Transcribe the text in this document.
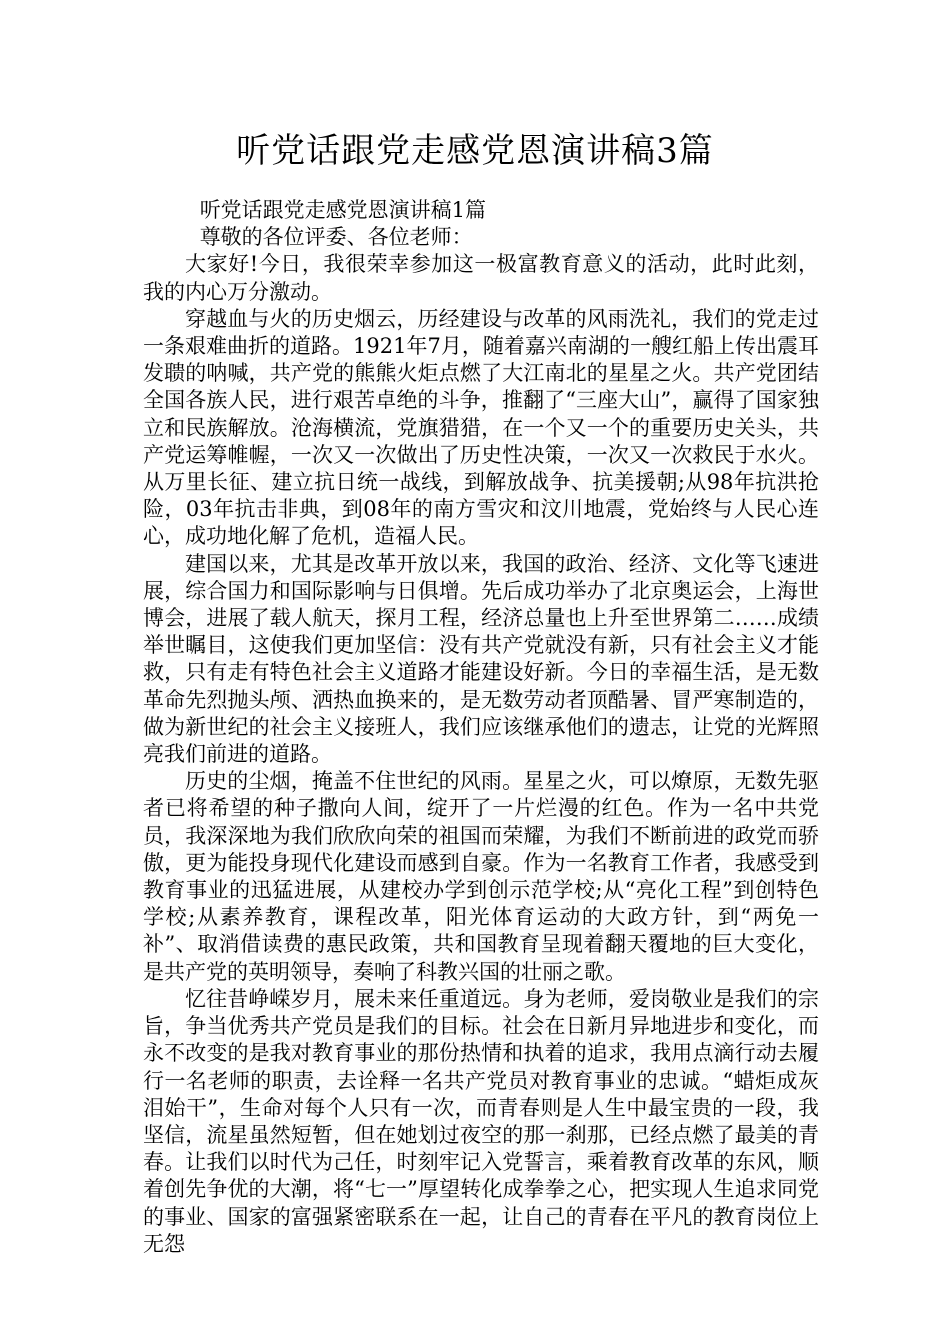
听党话跟党走感党恩演讲稿3篇

听党话跟党走感党恩演讲稿1篇

尊敬的各位评委、各位老师：

大家好!今日，我很荣幸参加这一极富教育意义的活动，此时此刻，我的内心万分激动。

穿越血与火的历史烟云，历经建设与改革的风雨洗礼，我们的党走过一条艰难曲折的道路。1921年7月，随着嘉兴南湖的一艘红船上传出震耳发聩的呐喊，共产党的熊熊火炬点燃了大江南北的星星之火。共产党团结全国各族人民，进行艰苦卓绝的斗争，推翻了“三座大山”，赢得了国家独立和民族解放。沧海横流，党旗猎猎，在一个又一个的重要历史关头，共产党运筹帷幄，一次又一次做出了历史性决策，一次又一次救民于水火。从万里长征、建立抗日统一战线，到解放战争、抗美援朝;从98年抗洪抢险，03年抗击非典，到08年的南方雪灾和汶川地震，党始终与人民心连心，成功地化解了危机，造福人民。

建国以来，尤其是改革开放以来，我国的政治、经济、文化等飞速进展，综合国力和国际影响与日俱增。先后成功举办了北京奥运会，上海世博会，进展了载人航天，探月工程，经济总量也上升至世界第二……成绩举世瞩目，这使我们更加坚信：没有共产党就没有新，只有社会主义才能救，只有走有特色社会主义道路才能建设好新。今日的幸福生活，是无数革命先烈抛头颅、洒热血换来的，是无数劳动者顶酷暑、冒严寒制造的，做为新世纪的社会主义接班人，我们应该继承他们的遗志，让党的光辉照亮我们前进的道路。

历史的尘烟，掩盖不住世纪的风雨。星星之火，可以燎原，无数先驱者已将希望的种子撒向人间，绽开了一片烂漫的红色。作为一名中共党员，我深深地为我们欣欣向荣的祖国而荣耀，为我们不断前进的政党而骄傲，更为能投身现代化建设而感到自豪。作为一名教育工作者，我感受到教育事业的迅猛进展，从建校办学到创示范学校;从“亮化工程”到创特色学校;从素养教育，课程改革，阳光体育运动的大政方针，到“两免一补”、取消借读费的惠民政策，共和国教育呈现着翻天覆地的巨大变化，是共产党的英明领导，奏响了科教兴国的壮丽之歌。

忆往昔峥嵘岁月，展未来任重道远。身为老师，爱岗敬业是我们的宗旨，争当优秀共产党员是我们的目标。社会在日新月异地进步和变化，而永不改变的是我对教育事业的那份热情和执着的追求，我用点滴行动去履行一名老师的职责，去诠释一名共产党员对教育事业的忠诚。“蜡炬成灰泪始干”，生命对每个人只有一次，而青春则是人生中最宝贵的一段，我坚信，流星虽然短暂，但在她划过夜空的那一刹那，已经点燃了最美的青春。让我们以时代为己任，时刻牢记入党誓言，乘着教育改革的东风，顺着创先争优的大潮，将“七一”厚望转化成拳拳之心，把实现人生追求同党的事业、国家的富强紧密联系在一起，让自己的青春在平凡的教育岗位上无怨
